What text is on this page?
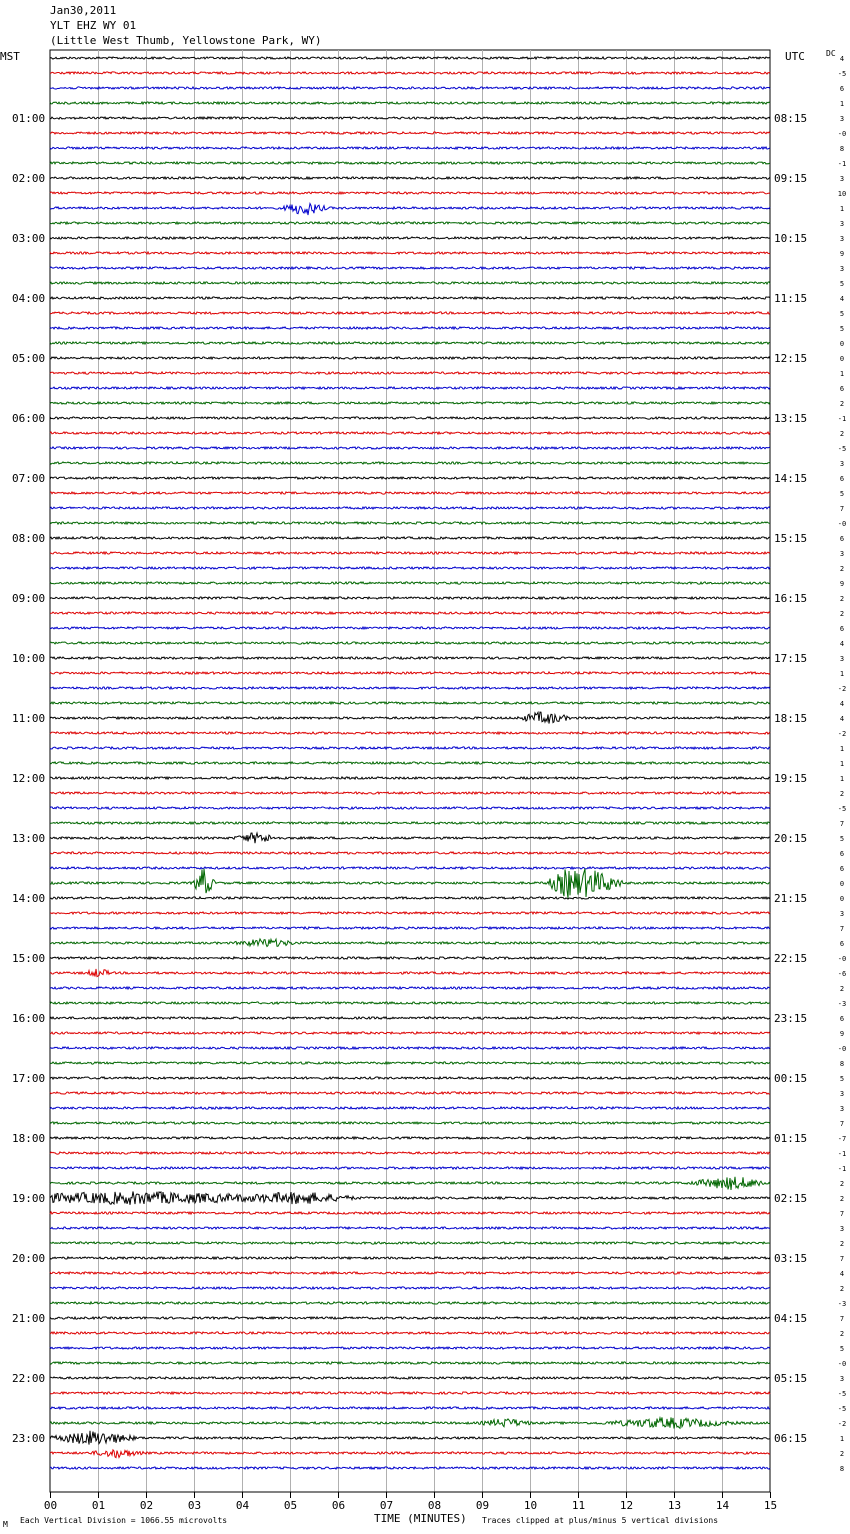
Jan30,2011
YLT EHZ WY 01
(Little West Thumb, Yellowstone Park, WY)
MST	UTC	DC
00	01	02	03	04	05	06	07	08	09	10	11	12	13	14	15
01:00
02:00
03:00
04:00
05:00
06:00
07:00
08:00
09:00
10:00
11:00
12:00
13:00
14:00
15:00
16:00
17:00
18:00
19:00
20:00
21:00
22:00
23:00
08:15
09:15
10:15
11:15
12:15
13:15
14:15
15:15
16:15
17:15
18:15
19:15
20:15
21:15
22:15
23:15
00:15
01:15
02:15
03:15
04:15
05:15
06:15
4
-5
6
1
3
-0
8
-1
3
10
1
3
3
9
3
5
4
5
5
0
0
1
6
2
-1
2
-5
3
6
5
7
-0
6
3
2
9
2
2
6
4
3
1
-2
4
4
-2
1
1
1
2
-5
7
5
6
6
0
0
3
7
6
-0
-6
2
-3
6
9
-0
8
5
3
3
7
-7
-1
-1
2
2
7
3
2
7
4
2
-3
7
2
5
-0
3
-5
-5
-2
1
2
8
TIME (MINUTES)
Each Vertical Division = 1066.55 microvolts	Traces clipped at plus/minus 5 vertical divisions
M
